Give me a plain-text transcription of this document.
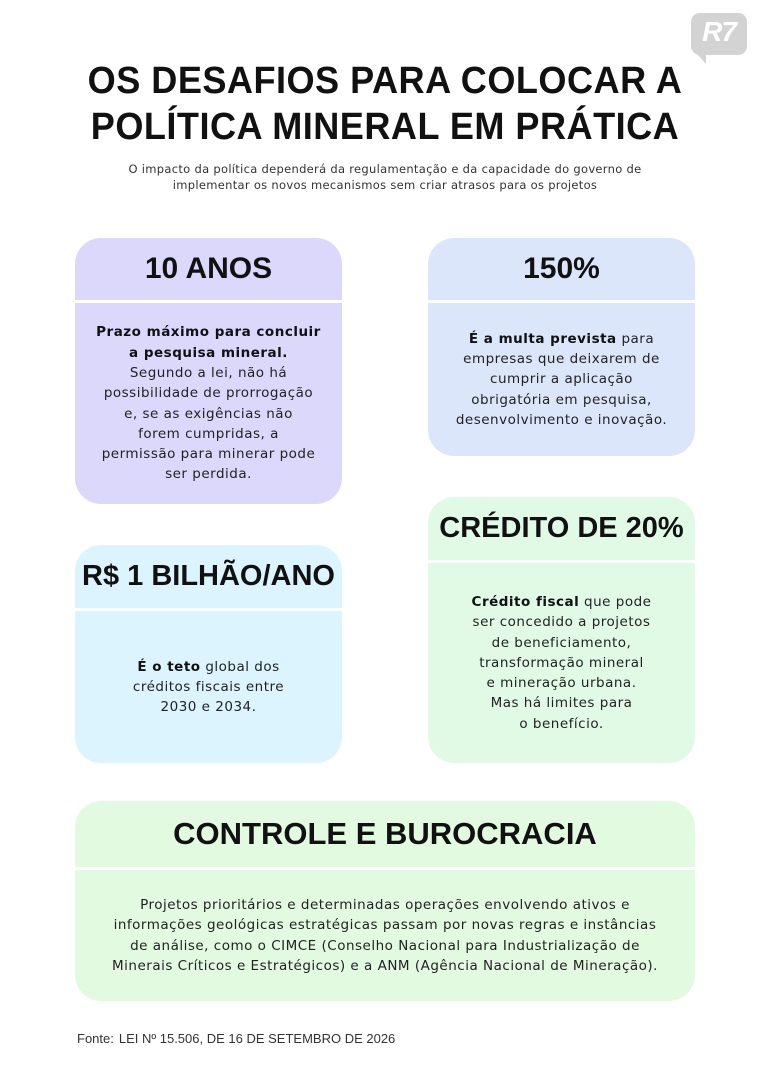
R7
OS DESAFIOS PARA COLOCAR A
POLÍTICA MINERAL EM PRÁTICA

O impacto da política dependerá da regulamentação e da capacidade do governo de
implementar os novos mecanismos sem criar atrasos para os projetos

10 ANOS
Prazo máximo para concluir
a pesquisa mineral.
Segundo a lei, não há
possibilidade de prorrogação
e, se as exigências não
forem cumpridas, a
permissão para minerar pode
ser perdida.
150%
É a multa prevista para
empresas que deixarem de
cumprir a aplicação
obrigatória em pesquisa,
desenvolvimento e inovação.
CRÉDITO DE 20%
Crédito fiscal que pode
ser concedido a projetos
de beneficiamento,
transformação mineral
e mineração urbana.
Mas há limites para
o benefício.
R$ 1 BILHÃO/ANO
É o teto global dos
créditos fiscais entre
2030 e 2034.
CONTROLE E BUROCRACIA
Projetos prioritários e determinadas operações envolvendo ativos e
informações geológicas estratégicas passam por novas regras e instâncias
de análise, como o CIMCE (Conselho Nacional para Industrialização de
Minerais Críticos e Estratégicos) e a ANM (Agência Nacional de Mineração).

Fonte: LEI Nº 15.506, DE 16 DE SETEMBRO DE 2026
